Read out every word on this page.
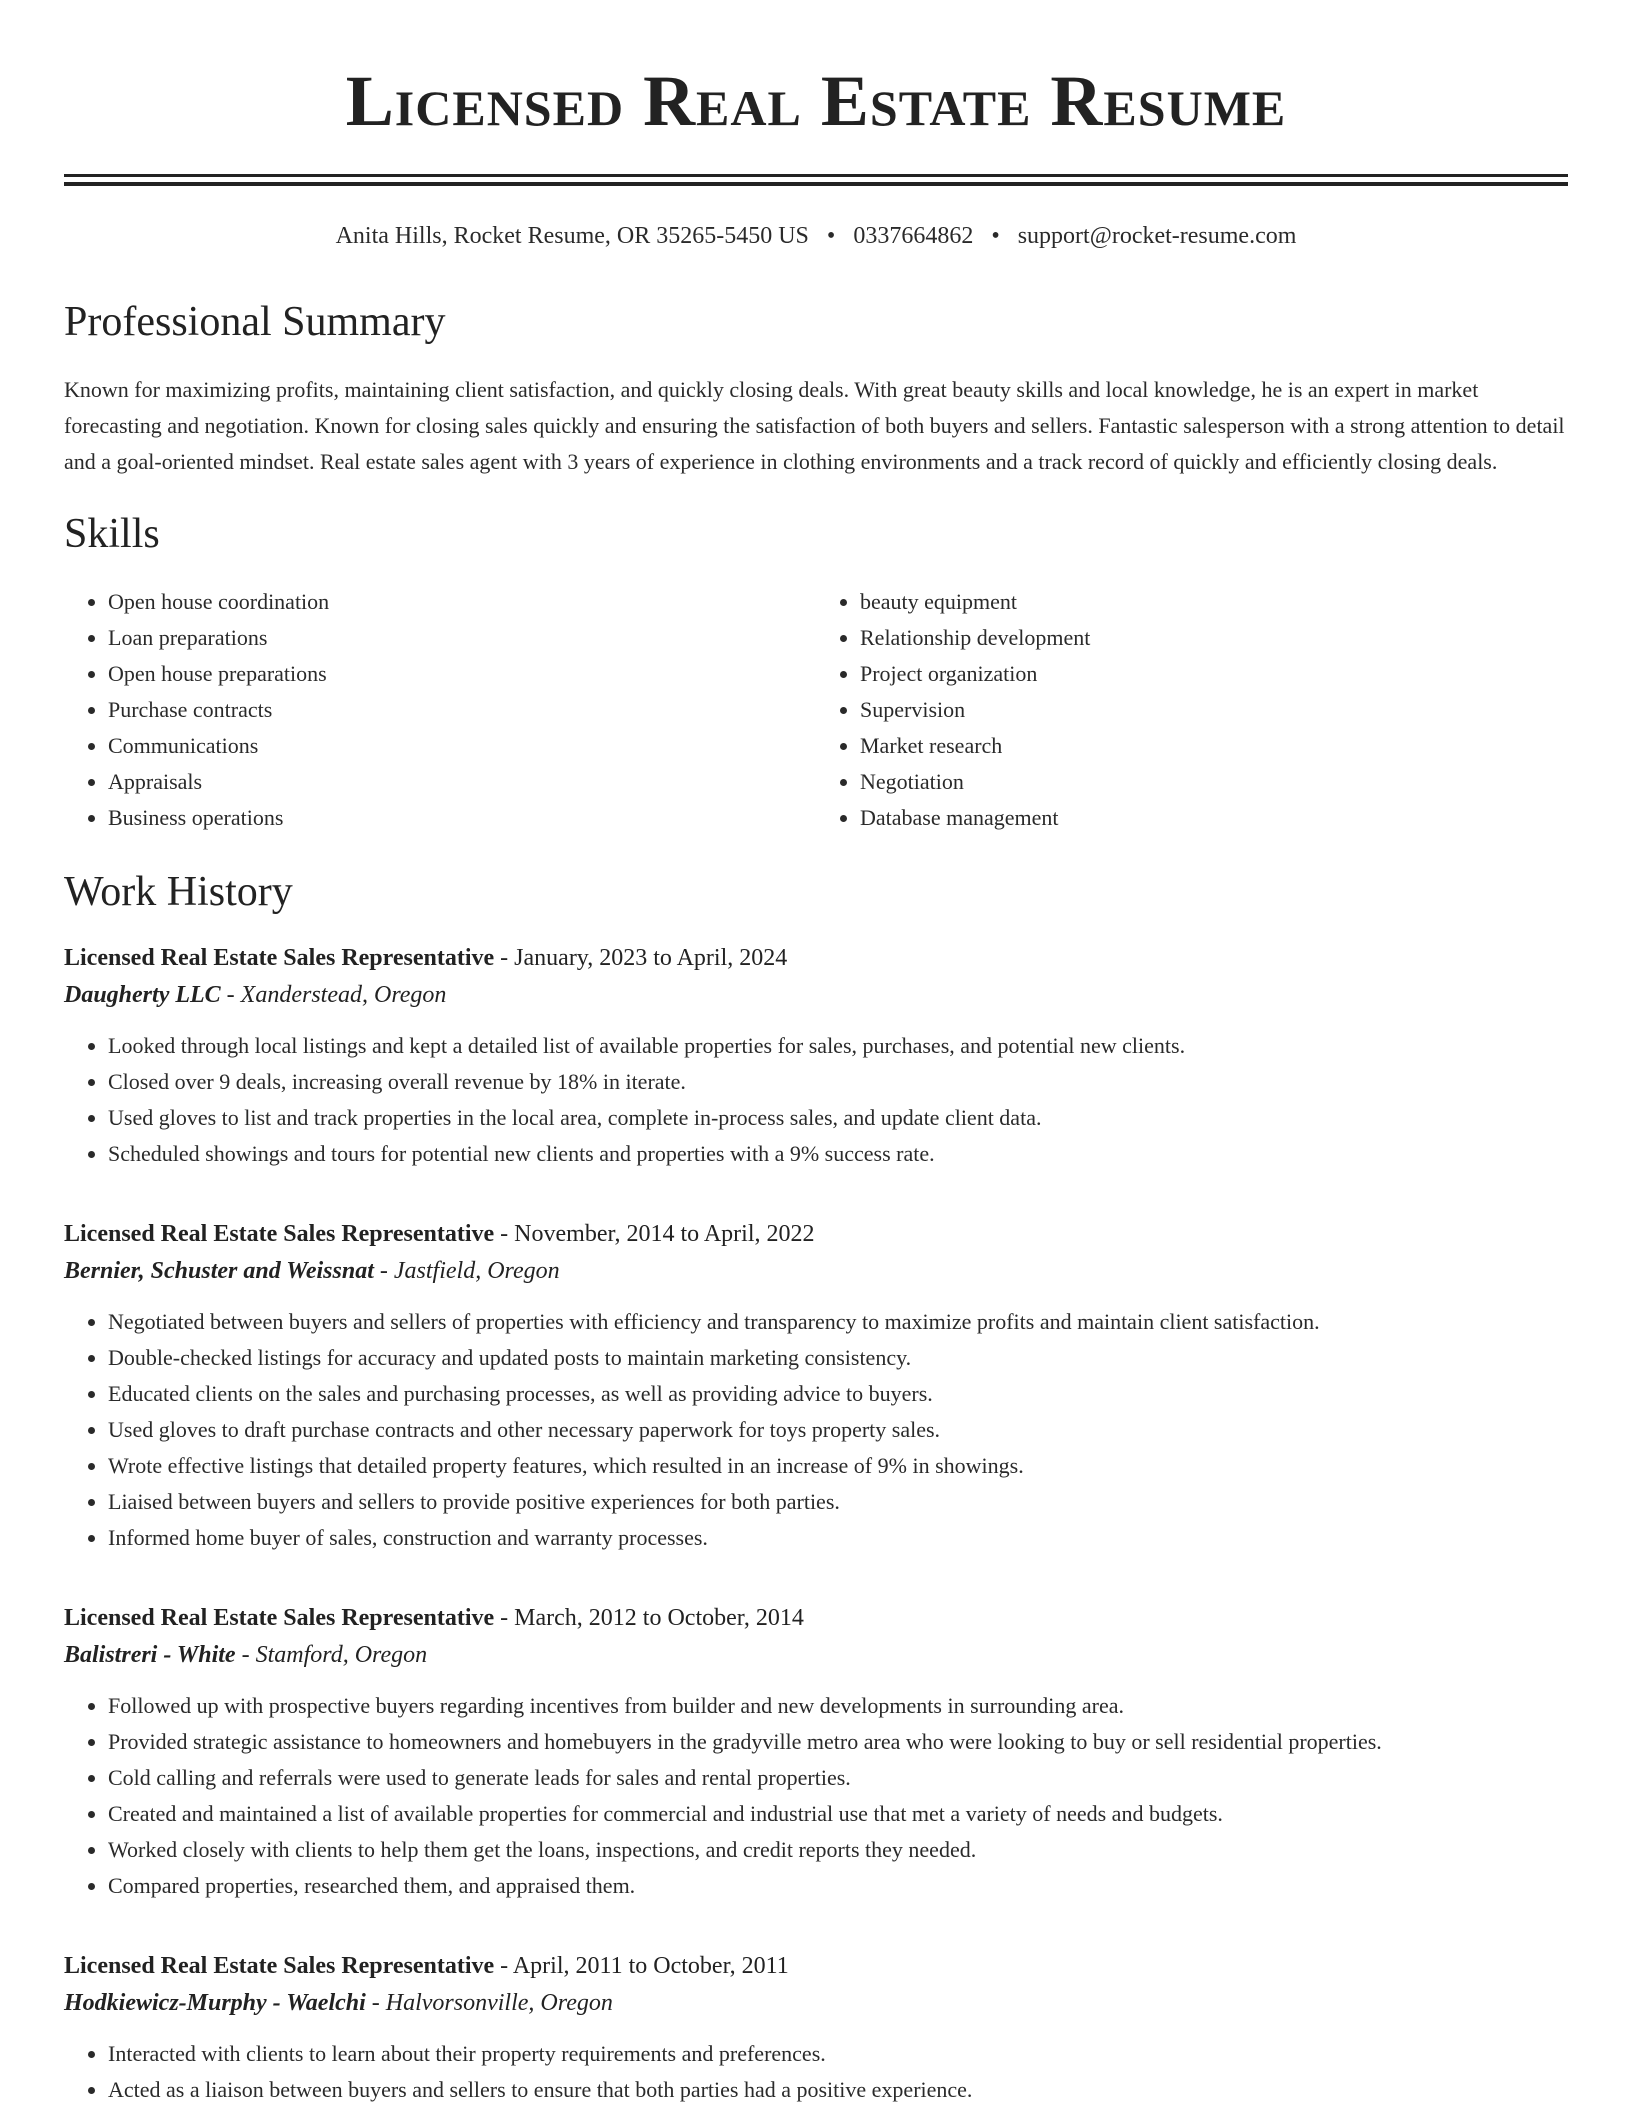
Licensed Real Estate Resume
Anita Hills, Rocket Resume, OR 35265-5450 US • 0337664862 • support@rocket-resume.com
Professional Summary
Known for maximizing profits, maintaining client satisfaction, and quickly closing deals. With great beauty skills and local knowledge, he is an expert in market forecasting and negotiation. Known for closing sales quickly and ensuring the satisfaction of both buyers and sellers. Fantastic salesperson with a strong attention to detail and a goal-oriented mindset. Real estate sales agent with 3 years of experience in clothing environments and a track record of quickly and efficiently closing deals.
Skills
• Open house coordination
• Loan preparations
• Open house preparations
• Purchase contracts
• Communications
• Appraisals
• Business operations
• beauty equipment
• Relationship development
• Project organization
• Supervision
• Market research
• Negotiation
• Database management
Work History
Licensed Real Estate Sales Representative - January, 2023 to April, 2024
Daugherty LLC - Xanderstead, Oregon
• Looked through local listings and kept a detailed list of available properties for sales, purchases, and potential new clients.
• Closed over 9 deals, increasing overall revenue by 18% in iterate.
• Used gloves to list and track properties in the local area, complete in-process sales, and update client data.
• Scheduled showings and tours for potential new clients and properties with a 9% success rate.
Licensed Real Estate Sales Representative - November, 2014 to April, 2022
Bernier, Schuster and Weissnat - Jastfield, Oregon
• Negotiated between buyers and sellers of properties with efficiency and transparency to maximize profits and maintain client satisfaction.
• Double-checked listings for accuracy and updated posts to maintain marketing consistency.
• Educated clients on the sales and purchasing processes, as well as providing advice to buyers.
• Used gloves to draft purchase contracts and other necessary paperwork for toys property sales.
• Wrote effective listings that detailed property features, which resulted in an increase of 9% in showings.
• Liaised between buyers and sellers to provide positive experiences for both parties.
• Informed home buyer of sales, construction and warranty processes.
Licensed Real Estate Sales Representative - March, 2012 to October, 2014
Balistreri - White - Stamford, Oregon
• Followed up with prospective buyers regarding incentives from builder and new developments in surrounding area.
• Provided strategic assistance to homeowners and homebuyers in the gradyville metro area who were looking to buy or sell residential properties.
• Cold calling and referrals were used to generate leads for sales and rental properties.
• Created and maintained a list of available properties for commercial and industrial use that met a variety of needs and budgets.
• Worked closely with clients to help them get the loans, inspections, and credit reports they needed.
• Compared properties, researched them, and appraised them.
Licensed Real Estate Sales Representative - April, 2011 to October, 2011
Hodkiewicz-Murphy - Waelchi - Halvorsonville, Oregon
• Interacted with clients to learn about their property requirements and preferences.
• Acted as a liaison between buyers and sellers to ensure that both parties had a positive experience.
